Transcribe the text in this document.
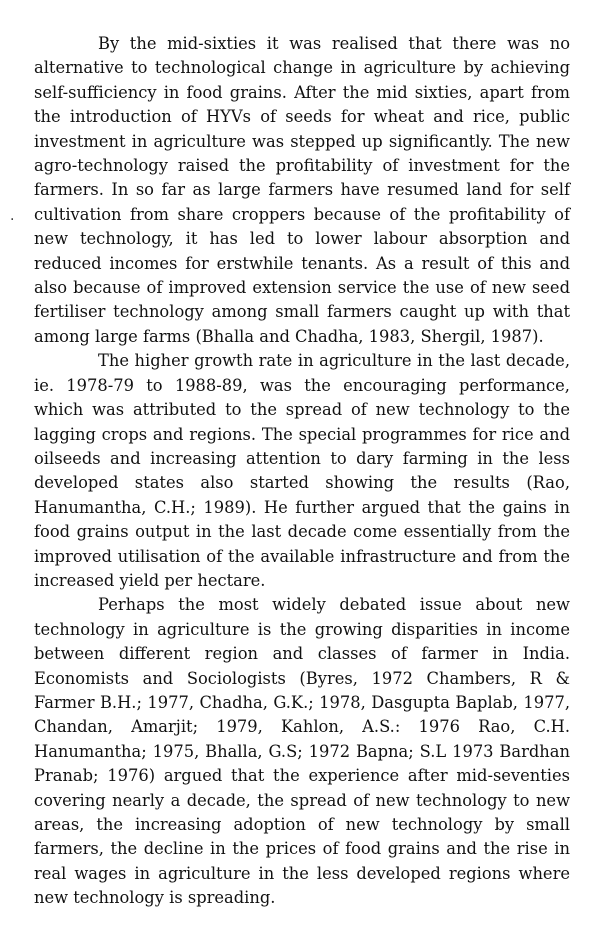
·

By the mid-sixties it was realised that there was no alternative to technological change in agriculture by achieving self-sufficiency in food grains. After the mid sixties, apart from the introduction of HYVs of seeds for wheat and rice, public investment in agriculture was stepped up significantly. The new agro-technology raised the profitability of investment for the farmers. In so far as large farmers have resumed land for self cultivation from share croppers because of the profitability of new technology, it has led to lower labour absorption and reduced incomes for erstwhile tenants. As a result of this and also because of improved extension service the use of new seed fertiliser technology among small farmers caught up with that among large farms (Bhalla and Chadha, 1983, Shergil, 1987).

The higher growth rate in agriculture in the last decade, ie. 1978-79 to 1988-89, was the encouraging performance, which was attributed to the spread of new technology to the lagging crops and regions. The special programmes for rice and oilseeds and increasing attention to dary farming in the less developed states also started showing the results (Rao, Hanumantha, C.H.; 1989). He further argued that the gains in food grains output in the last decade come essentially from the improved utilisation of the available infrastructure and from the increased yield per hectare.

Perhaps the most widely debated issue about new technology in agriculture is the growing disparities in income between different region and classes of farmer in India. Economists and Sociologists (Byres, 1972 Chambers, R & Farmer B.H.; 1977, Chadha, G.K.; 1978, Dasgupta Baplab, 1977, Chandan, Amarjit; 1979, Kahlon, A.S.: 1976 Rao, C.H. Hanumantha; 1975, Bhalla, G.S; 1972 Bapna; S.L 1973 Bardhan Pranab; 1976) argued that the experience after mid-seventies covering nearly a decade, the spread of new technology to new areas, the increasing adoption of new technology by small farmers, the decline in the prices of food grains and the rise in real wages in agriculture in the less developed regions where new technology is spreading.
